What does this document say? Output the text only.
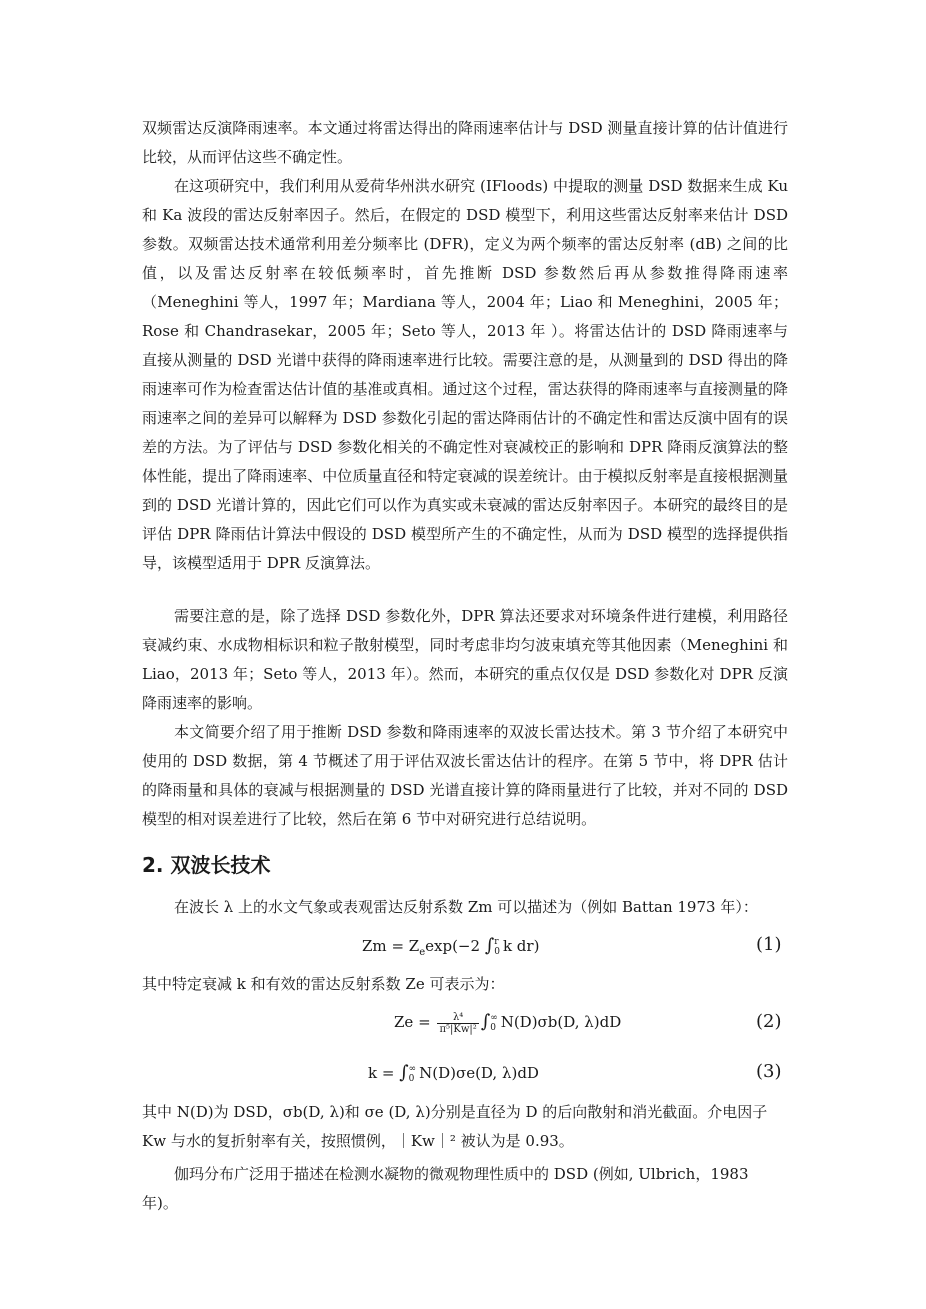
双频雷达反演降雨速率。本文通过将雷达得出的降雨速率估计与 DSD 测量直接计算的估计值进行比较，从而评估这些不确定性。

在这项研究中，我们利用从爱荷华州洪水研究 (IFloods) 中提取的测量 DSD 数据来生成 Ku 和 Ka 波段的雷达反射率因子。然后，在假定的 DSD 模型下，利用这些雷达反射率来估计 DSD 参数。双频雷达技术通常利用差分频率比 (DFR)，定义为两个频率的雷达反射率 (dB) 之间的比值，以及雷达反射率在较低频率时，首先推断 DSD 参数然后再从参数推得降雨速率（Meneghini 等人，1997 年；Mardiana 等人，2004 年；Liao 和 Meneghini，2005 年；Rose 和 Chandrasekar，2005 年；Seto 等人，2013 年 ）。将雷达估计的 DSD 降雨速率与直接从测量的 DSD 光谱中获得的降雨速率进行比较。需要注意的是，从测量到的 DSD 得出的降雨速率可作为检查雷达估计值的基准或真相。通过这个过程，雷达获得的降雨速率与直接测量的降雨速率之间的差异可以解释为 DSD 参数化引起的雷达降雨估计的不确定性和雷达反演中固有的误差的方法。为了评估与 DSD 参数化相关的不确定性对衰减校正的影响和 DPR 降雨反演算法的整体性能，提出了降雨速率、中位质量直径和特定衰减的误差统计。由于模拟反射率是直接根据测量到的 DSD 光谱计算的，因此它们可以作为真实或未衰减的雷达反射率因子。本研究的最终目的是评估 DPR 降雨估计算法中假设的 DSD 模型所产生的不确定性，从而为 DSD 模型的选择提供指导，该模型适用于 DPR 反演算法。

需要注意的是，除了选择 DSD 参数化外，DPR 算法还要求对环境条件进行建模，利用路径衰减约束、水成物相标识和粒子散射模型，同时考虑非均匀波束填充等其他因素（Meneghini 和 Liao，2013 年；Seto 等人，2013 年）。然而，本研究的重点仅仅是 DSD 参数化对 DPR 反演降雨速率的影响。

本文简要介绍了用于推断 DSD 参数和降雨速率的双波长雷达技术。第 3 节介绍了本研究中使用的 DSD 数据，第 4 节概述了用于评估双波长雷达估计的程序。在第 5 节中，将 DPR 估计的降雨量和具体的衰减与根据测量的 DSD 光谱直接计算的降雨量进行了比较，并对不同的 DSD 模型的相对误差进行了比较，然后在第 6 节中对研究进行总结说明。

2. 双波长技术
在波长 λ 上的水文气象或表观雷达反射系数 Zm 可以描述为（例如 Battan 1973 年）：
$Zm = Z_e\exp(-2$ ∫ r
0 k dr)	(1)
其中特定衰减 k 和有效的雷达反射系数 Ze 可表示为：
$Ze = \frac{\text{λ⁴}}{\text{π⁵|Kw|²}}$ ∫ ∞
0 N(D)σb(D, λ)dD	(2)
k = ∫ ∞
0 N(D)σe(D, λ)dD	(3)
其中 N(D)为 DSD，σb(D, λ)和 σe (D, λ)分别是直径为 D 的后向散射和消光截面。介电因子
Kw 与水的复折射率有关，按照惯例，｜Kw｜² 被认为是 0.93。
伽玛分布广泛用于描述在检测水凝物的微观物理性质中的 DSD (例如, Ulbrich，1983 年)。
